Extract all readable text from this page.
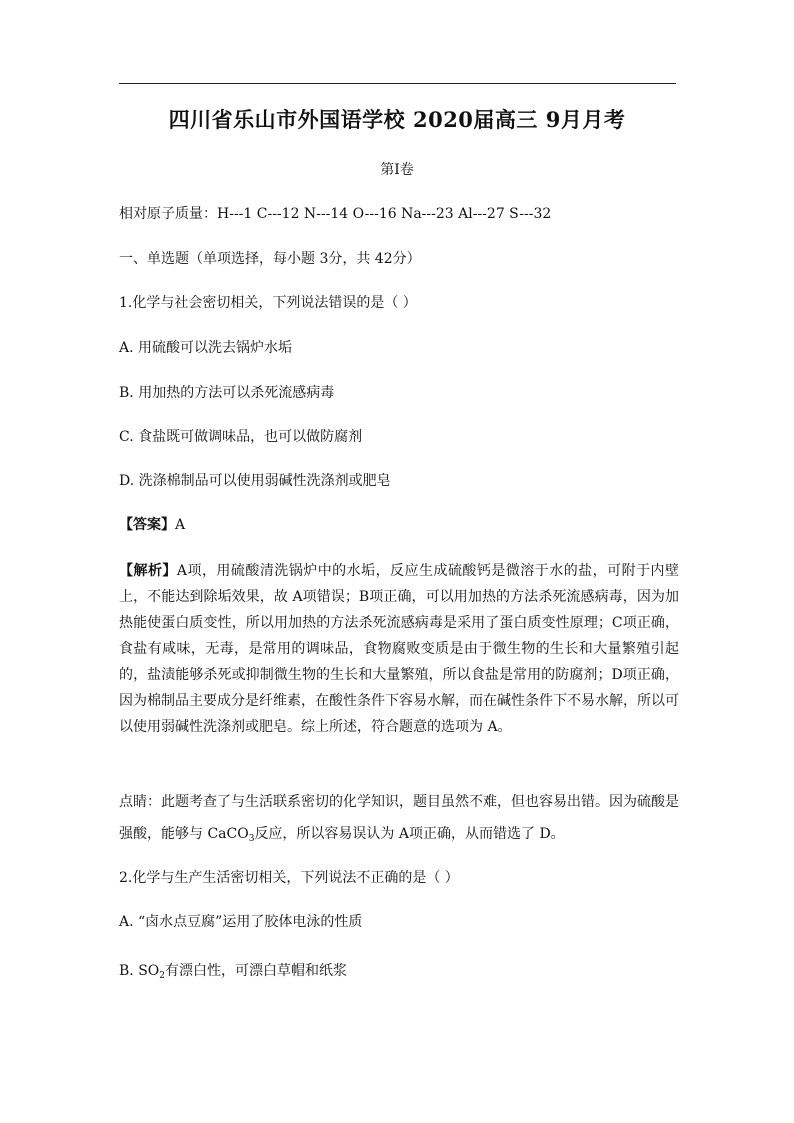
四川省乐山市外国语学校 2020届高三 9月月考
第Ⅰ卷
相对原子质量：H---1 C---12 N---14 O---16 Na---23 Al---27 S---32
一、单选题（单项选择，每小题 3分，共 42分）
1.化学与社会密切相关，下列说法错误的是（ ）
A. 用硫酸可以洗去锅炉水垢
B. 用加热的方法可以杀死流感病毒
C. 食盐既可做调味品，也可以做防腐剂
D. 洗涤棉制品可以使用弱碱性洗涤剂或肥皂
【答案】A
【解析】A项，用硫酸清洗锅炉中的水垢，反应生成硫酸钙是微溶于水的盐，可附于内壁上，不能达到除垢效果，故 A项错误；B项正确，可以用加热的方法杀死流感病毒，因为加热能使蛋白质变性，所以用加热的方法杀死流感病毒是采用了蛋白质变性原理；C项正确，食盐有咸味，无毒，是常用的调味品，食物腐败变质是由于微生物的生长和大量繁殖引起的，盐渍能够杀死或抑制微生物的生长和大量繁殖，所以食盐是常用的防腐剂；D项正确，因为棉制品主要成分是纤维素，在酸性条件下容易水解，而在碱性条件下不易水解，所以可以使用弱碱性洗涤剂或肥皂。综上所述，符合题意的选项为 A。
点睛：此题考查了与生活联系密切的化学知识，题目虽然不难，但也容易出错。因为硫酸是
强酸，能够与 CaCO$_3$反应，所以容易误认为 A项正确，从而错选了 D。
2.化学与生产生活密切相关，下列说法不正确的是（ ）
A. “卤水点豆腐”运用了胶体电泳的性质
B. $SO_2$有漂白性，可漂白草帽和纸浆
